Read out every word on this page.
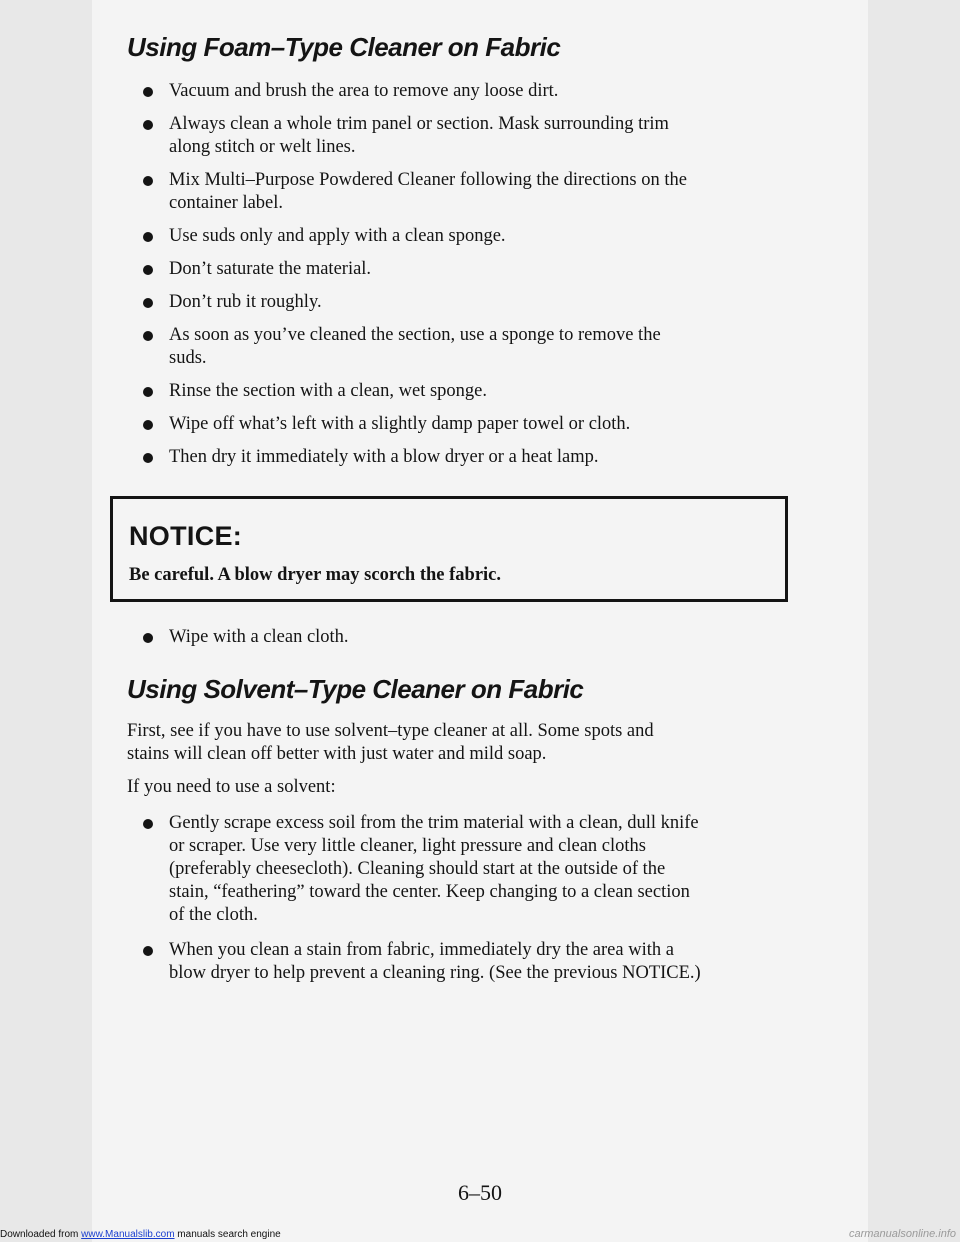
Using Foam–Type Cleaner on Fabric
Vacuum and brush the area to remove any loose dirt.
Always clean a whole trim panel or section. Mask surrounding trim
along stitch or welt lines.
Mix Multi–Purpose Powdered Cleaner following the directions on the
container label.
Use suds only and apply with a clean sponge.
Don’t saturate the material.
Don’t rub it roughly.
As soon as you’ve cleaned the section, use a sponge to remove the
suds.
Rinse the section with a clean, wet sponge.
Wipe off what’s left with a slightly damp paper towel or cloth.
Then dry it immediately with a blow dryer or a heat lamp.
Wipe with a clean cloth.
Using Solvent–Type Cleaner on Fabric

First, see if you have to use solvent–type cleaner at all. Some spots and
stains will clean off better with just water and mild soap.

If you need to use a solvent:

Gently scrape excess soil from the trim material with a clean, dull knife
or scraper. Use very little cleaner, light pressure and clean cloths
(preferably cheesecloth). Cleaning should start at the outside of the
stain, “feathering” toward the center. Keep changing to a clean section
of the cloth.
When you clean a stain from fabric, immediately dry the area with a
blow dryer to help prevent a cleaning ring. (See the previous NOTICE.)
NOTICE:
Be careful. A blow dryer may scorch the fabric.
6–50
Downloaded from www.Manualslib.com manuals search engine	carmanualsonline.info
